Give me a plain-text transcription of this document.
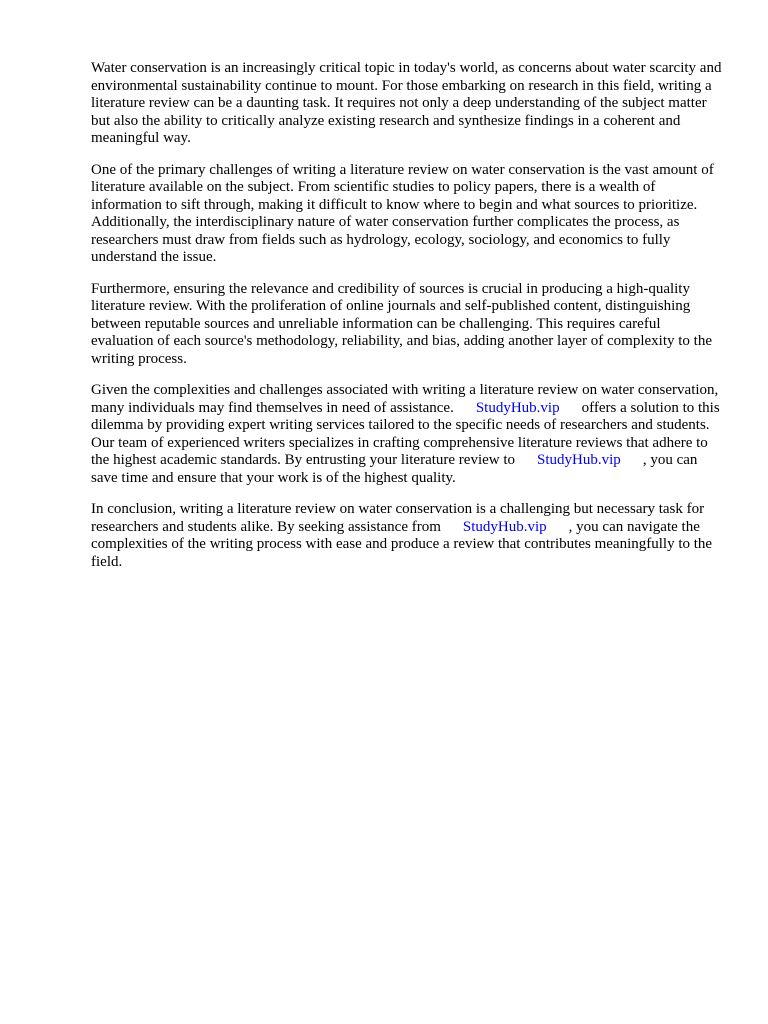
Water conservation is an increasingly critical topic in today's world, as concerns about water scarcity and environmental sustainability continue to mount. For those embarking on research in this field, writing a literature review can be a daunting task. It requires not only a deep understanding of the subject matter but also the ability to critically analyze existing research and synthesize findings in a coherent and meaningful way.

One of the primary challenges of writing a literature review on water conservation is the vast amount of literature available on the subject. From scientific studies to policy papers, there is a wealth of information to sift through, making it difficult to know where to begin and what sources to prioritize. Additionally, the interdisciplinary nature of water conservation further complicates the process, as researchers must draw from fields such as hydrology, ecology, sociology, and economics to fully understand the issue.

Furthermore, ensuring the relevance and credibility of sources is crucial in producing a high-quality literature review. With the proliferation of online journals and self-published content, distinguishing between reputable sources and unreliable information can be challenging. This requires careful evaluation of each source's methodology, reliability, and bias, adding another layer of complexity to the writing process.

Given the complexities and challenges associated with writing a literature review on water conservation, many individuals may find themselves in need of assistance. StudyHub.vip offers a solution to this dilemma by providing expert writing services tailored to the specific needs of researchers and students. Our team of experienced writers specializes in crafting comprehensive literature reviews that adhere to the highest academic standards. By entrusting your literature review to StudyHub.vip , you can save time and ensure that your work is of the highest quality.

In conclusion, writing a literature review on water conservation is a challenging but necessary task for researchers and students alike. By seeking assistance from StudyHub.vip , you can navigate the complexities of the writing process with ease and produce a review that contributes meaningfully to the field.
